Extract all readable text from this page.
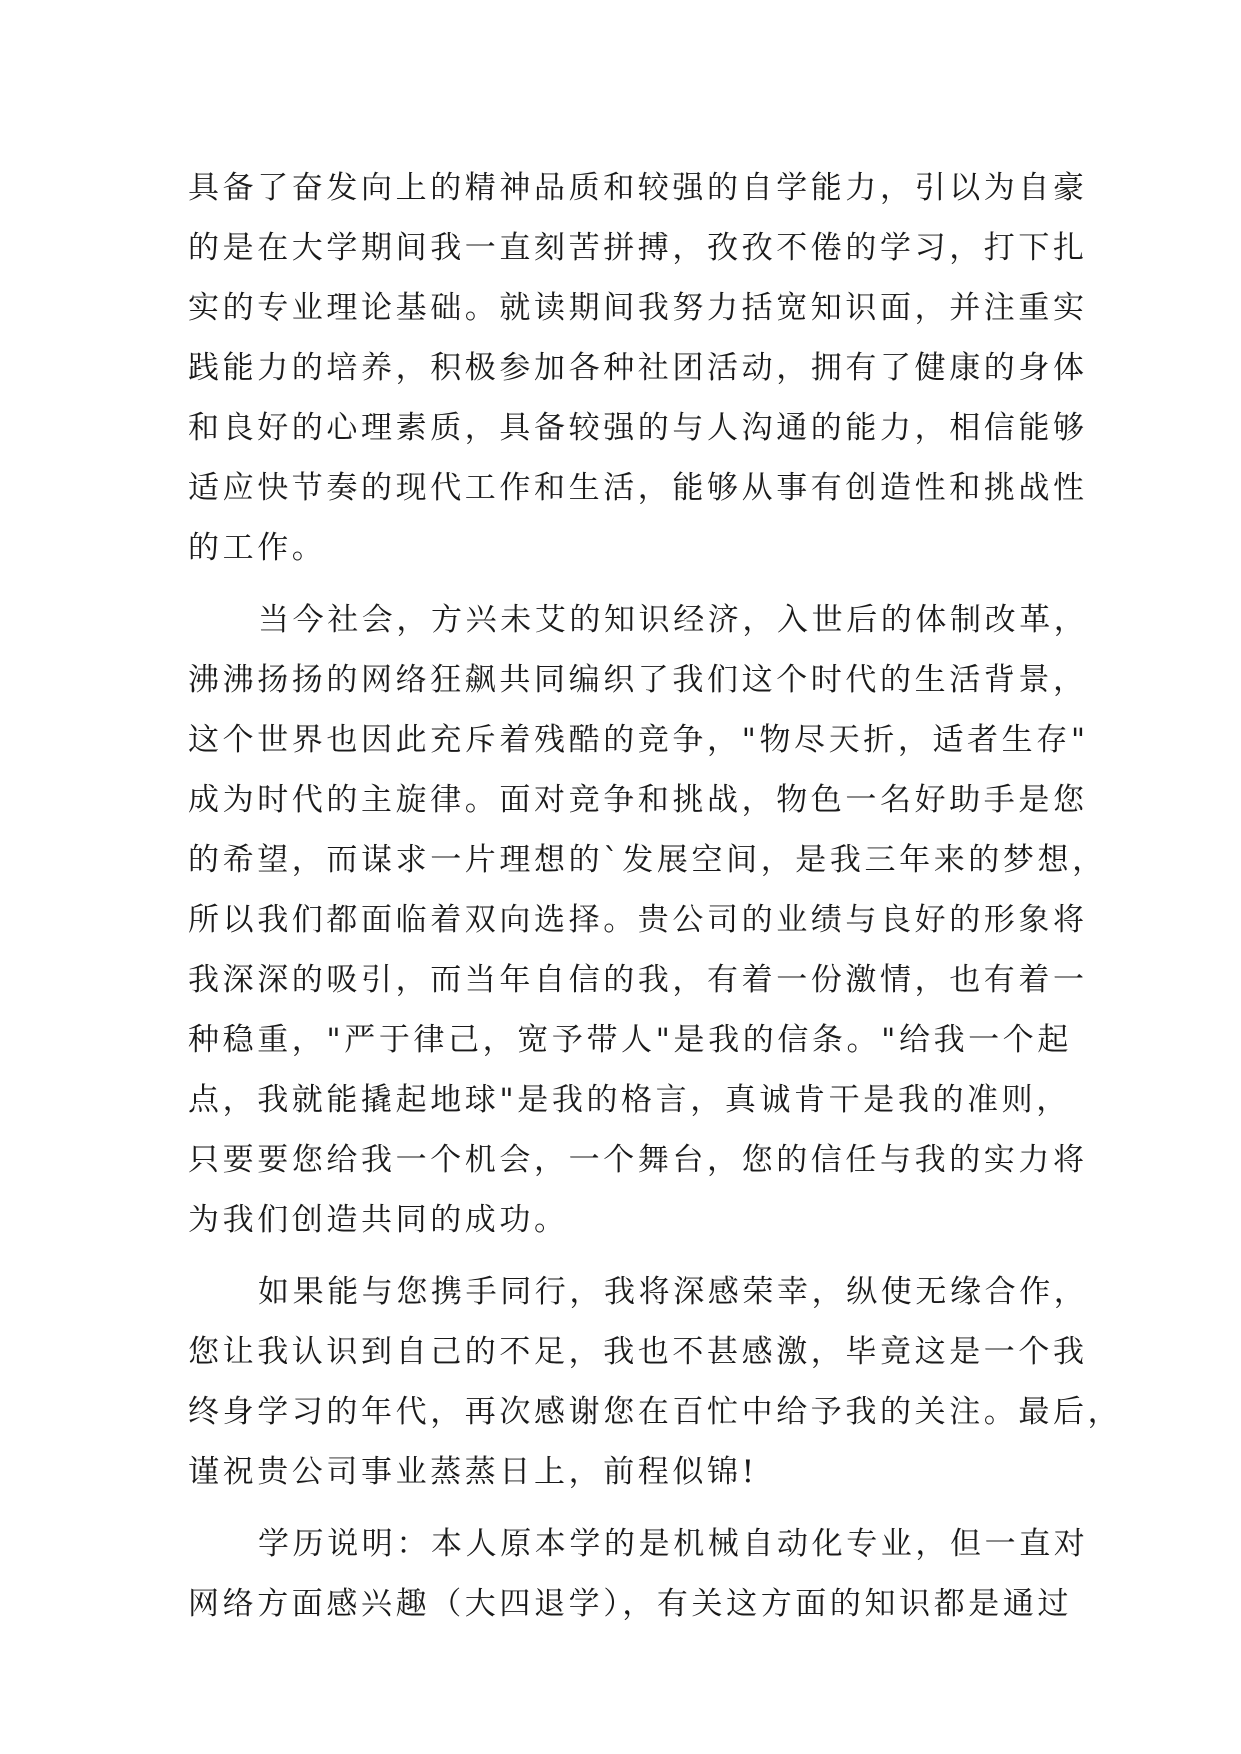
具备了奋发向上的精神品质和较强的自学能力，引以为自豪
的是在大学期间我一直刻苦拼搏，孜孜不倦的学习，打下扎
实的专业理论基础。就读期间我努力括宽知识面，并注重实
践能力的培养，积极参加各种社团活动，拥有了健康的身体
和良好的心理素质，具备较强的与人沟通的能力，相信能够
适应快节奏的现代工作和生活，能够从事有创造性和挑战性
的工作。
当今社会，方兴未艾的知识经济，入世后的体制改革，
沸沸扬扬的网络狂飙共同编织了我们这个时代的生活背景，
这个世界也因此充斥着残酷的竞争，"物尽天折，适者生存"
成为时代的主旋律。面对竞争和挑战，物色一名好助手是您
的希望，而谋求一片理想的`发展空间，是我三年来的梦想，
所以我们都面临着双向选择。贵公司的业绩与良好的形象将
我深深的吸引，而当年自信的我，有着一份激情，也有着一
种稳重，"严于律己，宽予带人"是我的信条。"给我一个起
点，我就能撬起地球"是我的格言，真诚肯干是我的准则，
只要要您给我一个机会，一个舞台，您的信任与我的实力将
为我们创造共同的成功。
如果能与您携手同行，我将深感荣幸，纵使无缘合作，
您让我认识到自己的不足，我也不甚感激，毕竟这是一个我
终身学习的年代，再次感谢您在百忙中给予我的关注。最后，
谨祝贵公司事业蒸蒸日上，前程似锦!
学历说明：本人原本学的是机械自动化专业，但一直对
网络方面感兴趣（大四退学），有关这方面的知识都是通过
